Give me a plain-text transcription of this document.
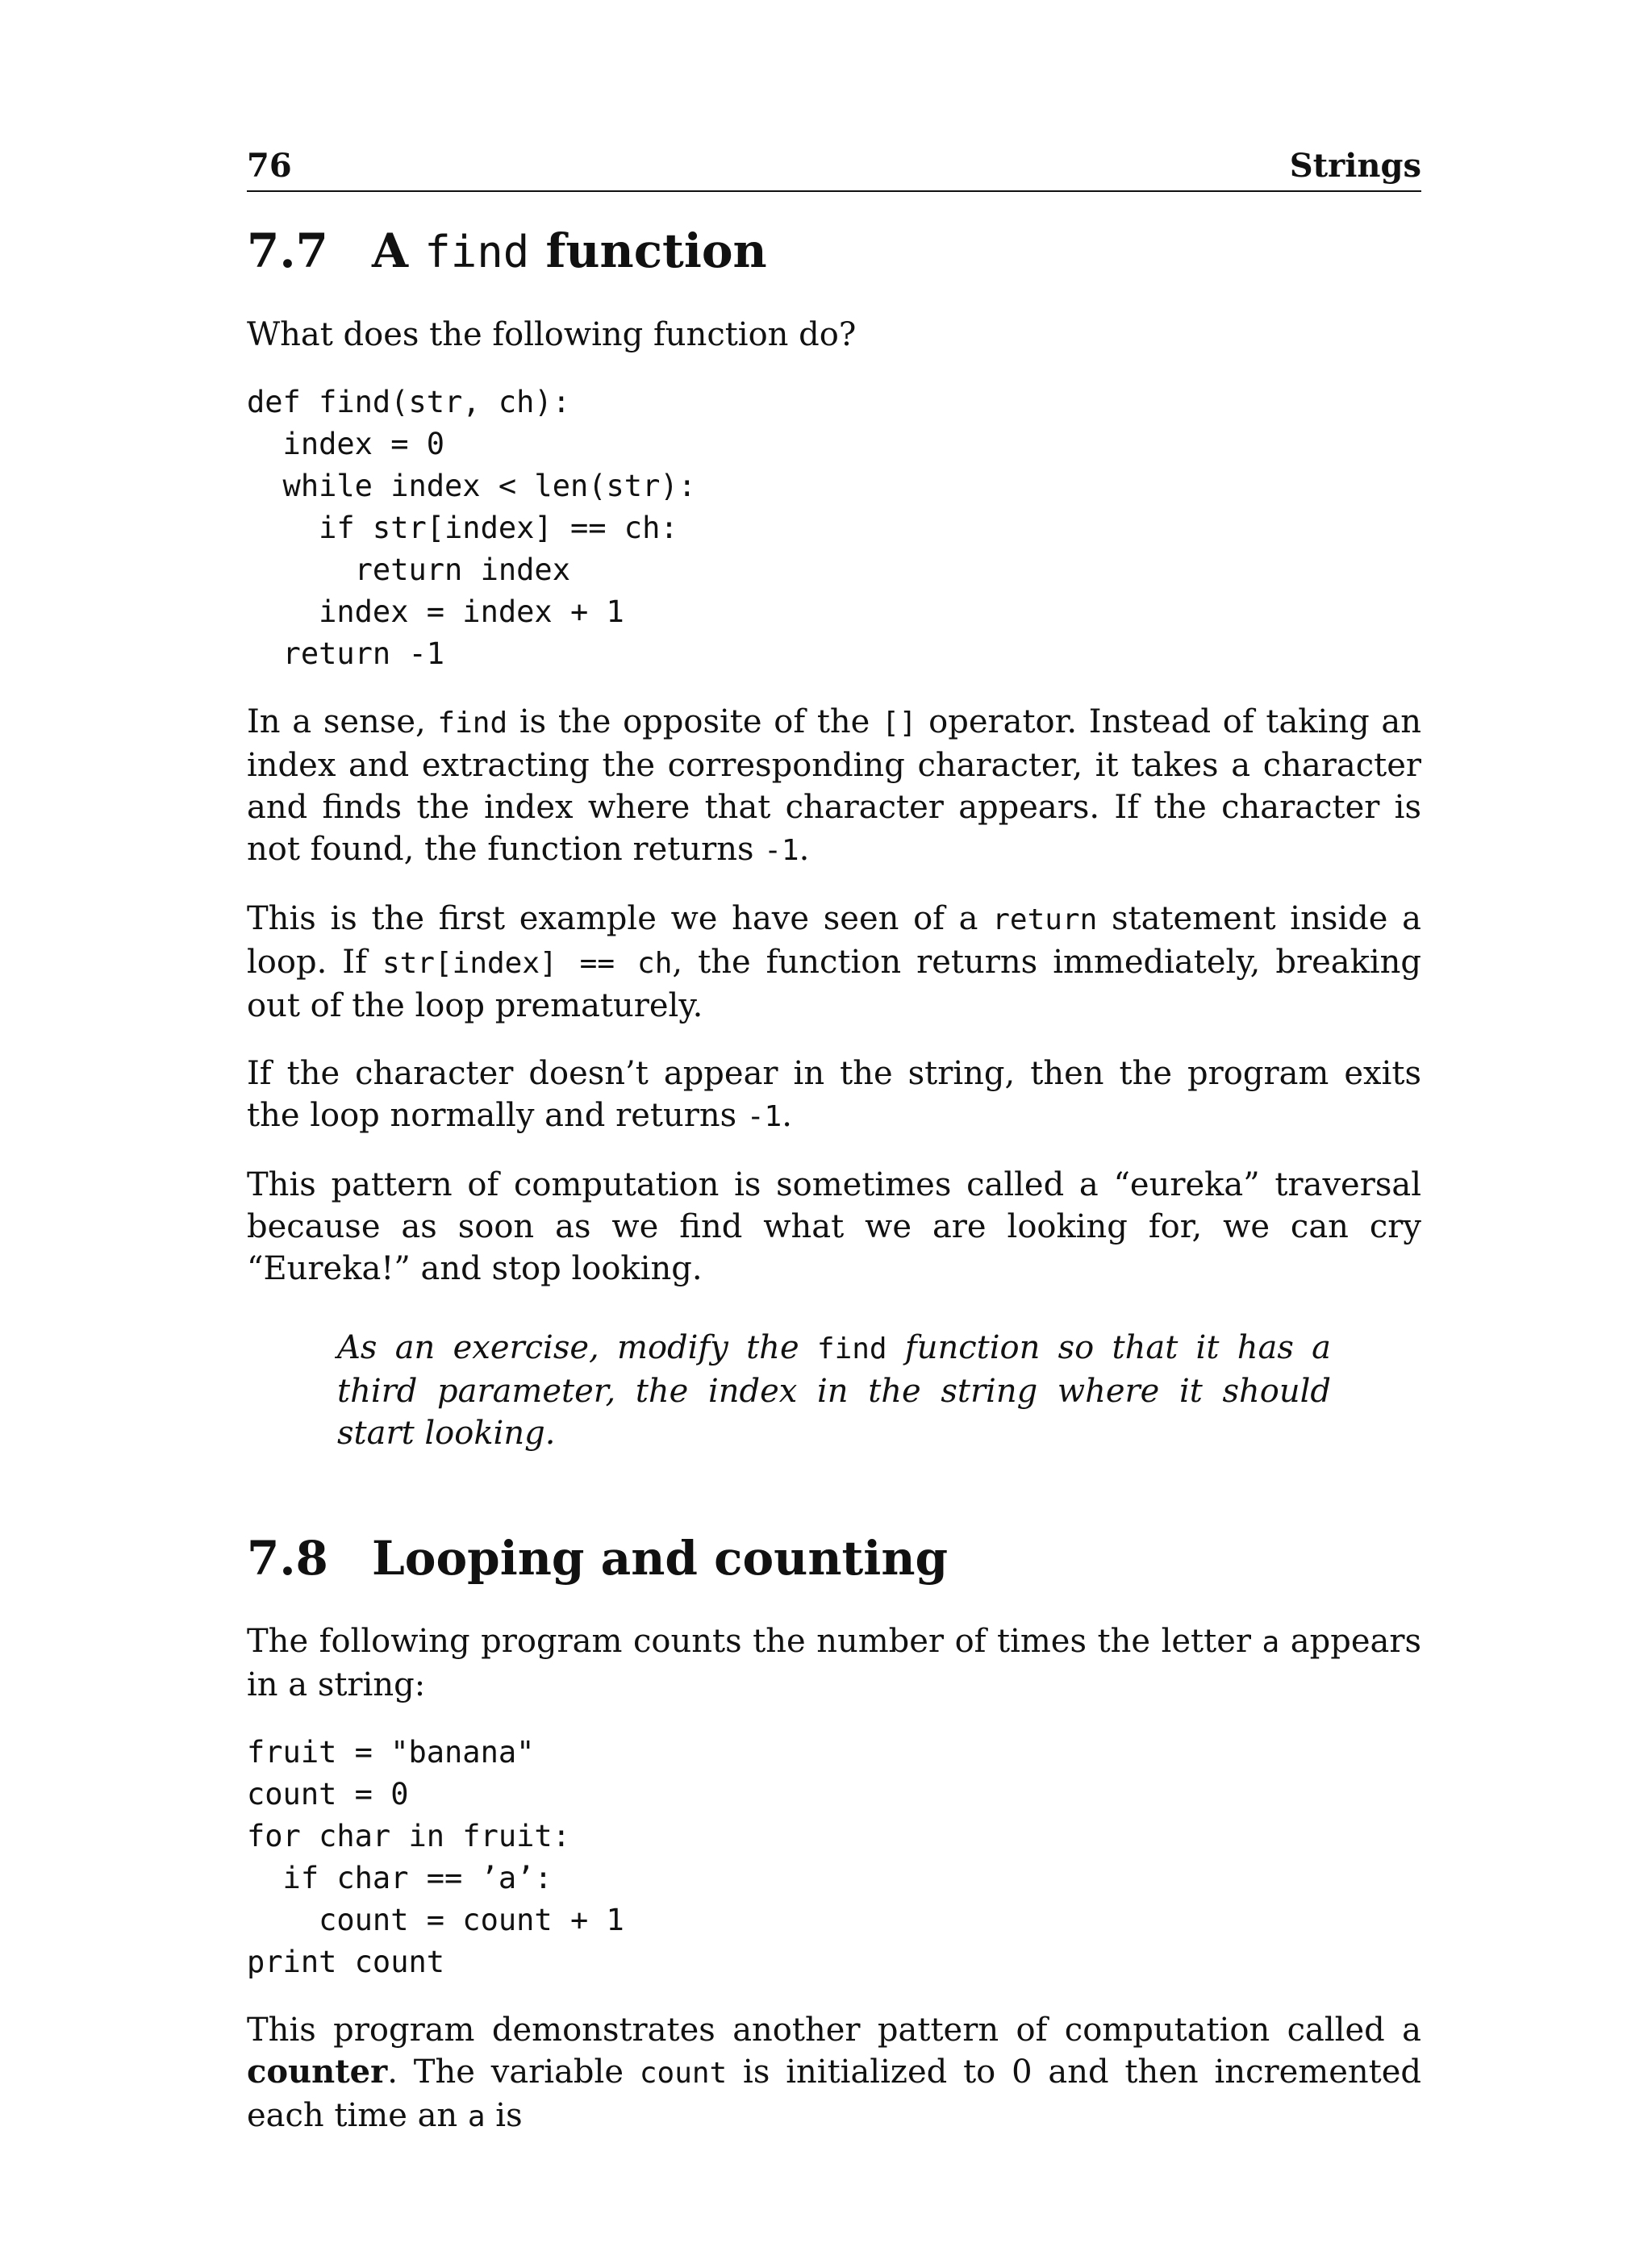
76	Strings
7.7 A find function

What does the following function do?

def find(str, ch):
index = 0
while index < len(str):
if str[index] == ch:
return index
index = index + 1
return -1

In a sense, find is the opposite of the [] operator. Instead of taking an index and extracting the corresponding character, it takes a character and finds the index where that character appears. If the character is not found, the function returns -1.

This is the first example we have seen of a return statement inside a loop. If str[index] == ch, the function returns immediately, breaking out of the loop prematurely.

If the character doesn’t appear in the string, then the program exits the loop normally and returns -1.

This pattern of computation is sometimes called a “eureka” traversal because as soon as we find what we are looking for, we can cry “Eureka!” and stop looking.

As an exercise, modify the find function so that it has a third parameter, the index in the string where it should start looking.
7.8 Looping and counting

The following program counts the number of times the letter a appears in a string:

fruit = "banana"
count = 0
for char in fruit:
if char == ’a’:
count = count + 1
print count

This program demonstrates another pattern of computation called a counter. The variable count is initialized to 0 and then incremented each time an a is
